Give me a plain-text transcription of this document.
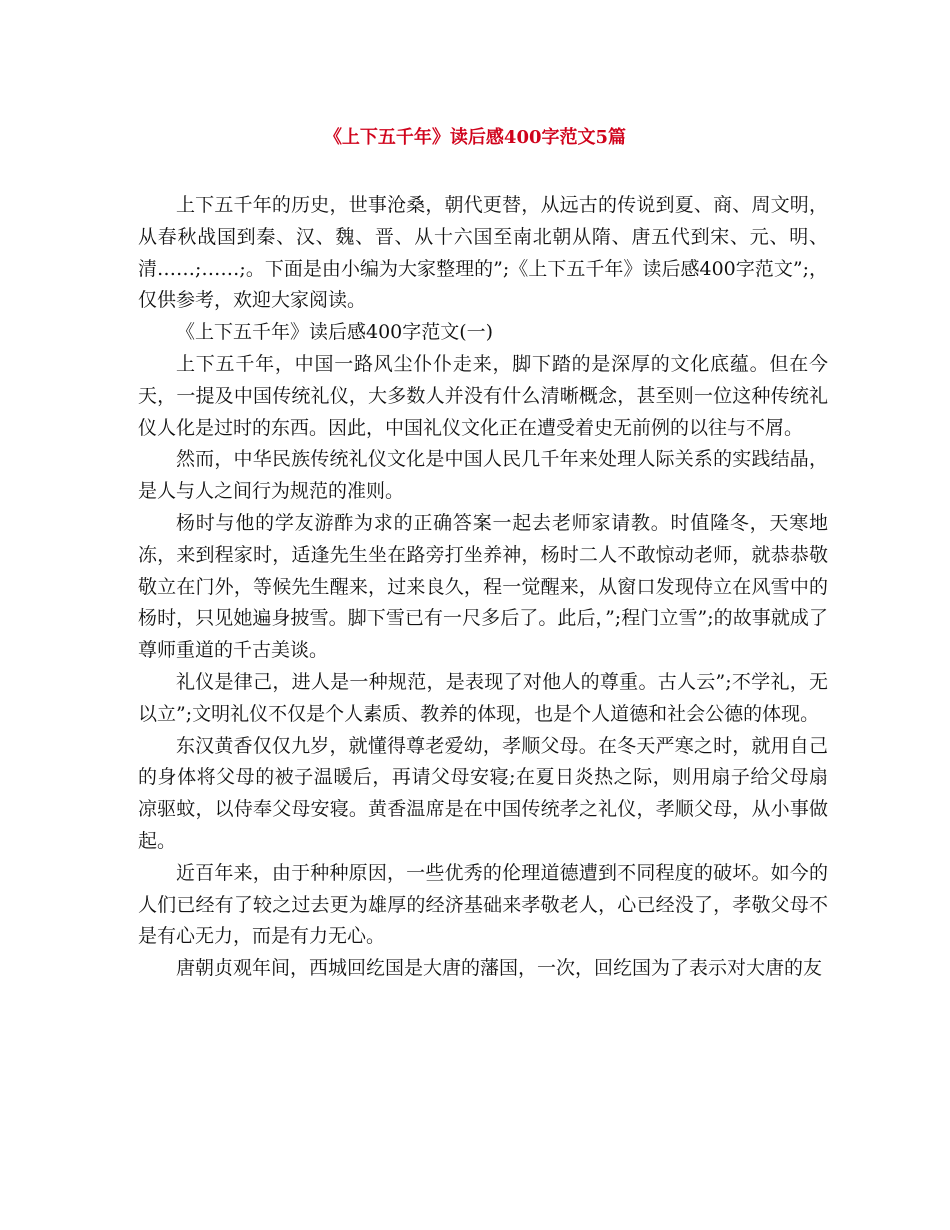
《上下五千年》读后感400字范文5篇

上下五千年的历史，世事沧桑，朝代更替，从远古的传说到夏、商、周文明，从春秋战国到秦、汉、魏、晋、从十六国至南北朝从隋、唐五代到宋、元、明、清……;……;。下面是由小编为大家整理的”;《上下五千年》读后感400字范文”;，仅供参考，欢迎大家阅读。

《上下五千年》读后感400字范文(一)

上下五千年，中国一路风尘仆仆走来，脚下踏的是深厚的文化底蕴。但在今天，一提及中国传统礼仪，大多数人并没有什么清晰概念，甚至则一位这种传统礼仪人化是过时的东西。因此，中国礼仪文化正在遭受着史无前例的以往与不屑。

然而，中华民族传统礼仪文化是中国人民几千年来处理人际关系的实践结晶，是人与人之间行为规范的准则。

杨时与他的学友游酢为求的正确答案一起去老师家请教。时值隆冬，天寒地冻，来到程家时，适逢先生坐在路旁打坐养神，杨时二人不敢惊动老师，就恭恭敬敬立在门外，等候先生醒来，过来良久，程一觉醒来，从窗口发现侍立在风雪中的杨时，只见她遍身披雪。脚下雪已有一尺多后了。此后，”;程门立雪”;的故事就成了尊师重道的千古美谈。

礼仪是律己，进人是一种规范，是表现了对他人的尊重。古人云”;不学礼，无以立”;文明礼仪不仅是个人素质、教养的体现，也是个人道德和社会公德的体现。

东汉黄香仅仅九岁，就懂得尊老爱幼，孝顺父母。在冬天严寒之时，就用自己的身体将父母的被子温暖后，再请父母安寝;在夏日炎热之际，则用扇子给父母扇凉驱蚊，以侍奉父母安寝。黄香温席是在中国传统孝之礼仪，孝顺父母，从小事做起。

近百年来，由于种种原因，一些优秀的伦理道德遭到不同程度的破坏。如今的人们已经有了较之过去更为雄厚的经济基础来孝敬老人，心已经没了，孝敬父母不是有心无力，而是有力无心。

唐朝贞观年间，西城回纥国是大唐的藩国，一次，回纥国为了表示对大唐的友
